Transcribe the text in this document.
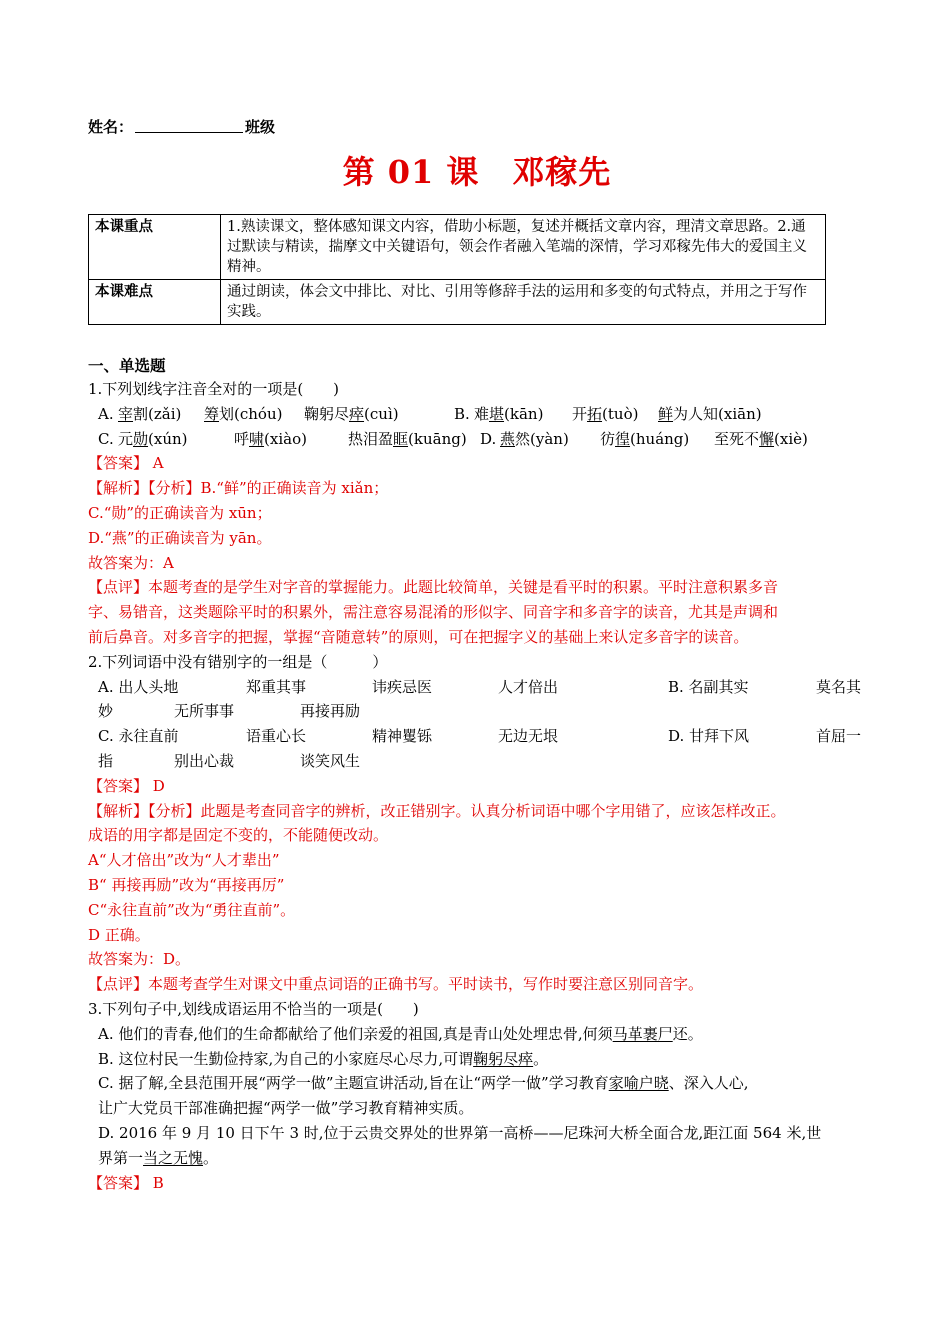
姓名：	班级
第 01 课　邓稼先
本课重点	1.熟读课文，整体感知课文内容，借助小标题，复述并概括文章内容，理清文章思路。2.通过默读与精读，揣摩文中关键语句，领会作者融入笔端的深情，学习邓稼先伟大的爱国主义精神。
本课难点	通过朗读，体会文中排比、对比、引用等修辞手法的运用和多变的句式特点，并用之于写作实践。
一、单选题
1.下列划线字注音全对的一项是(　　)
A. 宰割(zǎi) 筹划(chóu) 鞠躬尽瘁(cuì)	B. 难堪(kān) 开拓(tuò) 鲜为人知(xiān)
C. 元勋(xún)	呼啸(xiào)	热泪盈眶(kuāng) D. 燕然(yàn) 彷徨(huáng) 至死不懈(xiè)
【答案】 A
【解析】【分析】B.“鲜”的正确读音为 xiǎn；
C.“勋”的正确读音为 xūn；
D.“燕”的正确读音为 yān。
故答案为：A
【点评】本题考查的是学生对字音的掌握能力。此题比较简单，关键是看平时的积累。平时注意积累多音
字、易错音，这类题除平时的积累外，需注意容易混淆的形似字、同音字和多音字的读音，尤其是声调和
前后鼻音。对多音字的把握，掌握“音随意转”的原则，可在把握字义的基础上来认定多音字的读音。
2.下列词语中没有错别字的一组是（　　　）
A. 出人头地	郑重其事	讳疾忌医	人才倍出	B. 名副其实	莫名其
妙	无所事事	再接再励
C. 永往直前	语重心长	精神矍铄	无边无垠	D. 甘拜下风	首屈一
指	别出心裁	谈笑风生
【答案】 D
【解析】【分析】此题是考查同音字的辨析，改正错别字。认真分析词语中哪个字用错了，应该怎样改正。
成语的用字都是固定不变的，不能随便改动。
A“人才倍出”改为“人才辈出”
B“ 再接再励”改为“再接再厉”
C“永往直前”改为“勇往直前”。
D 正确。
故答案为：D。
【点评】本题考查学生对课文中重点词语的正确书写。平时读书，写作时要注意区别同音字。
3.下列句子中,划线成语运用不恰当的一项是(　　)
A. 他们的青春,他们的生命都献给了他们亲爱的祖国,真是青山处处埋忠骨,何须马革裹尸还。
B. 这位村民一生勤俭持家,为自己的小家庭尽心尽力,可谓鞠躬尽瘁。
C. 据了解,全县范围开展“两学一做”主题宣讲活动,旨在让“两学一做”学习教育家喻户晓、深入人心,
让广大党员干部准确把握“两学一做”学习教育精神实质。
D. 2016 年 9 月 10 日下午 3 时,位于云贵交界处的世界第一高桥——尼珠河大桥全面合龙,距江面 564 米,世
界第一当之无愧。
【答案】 B
